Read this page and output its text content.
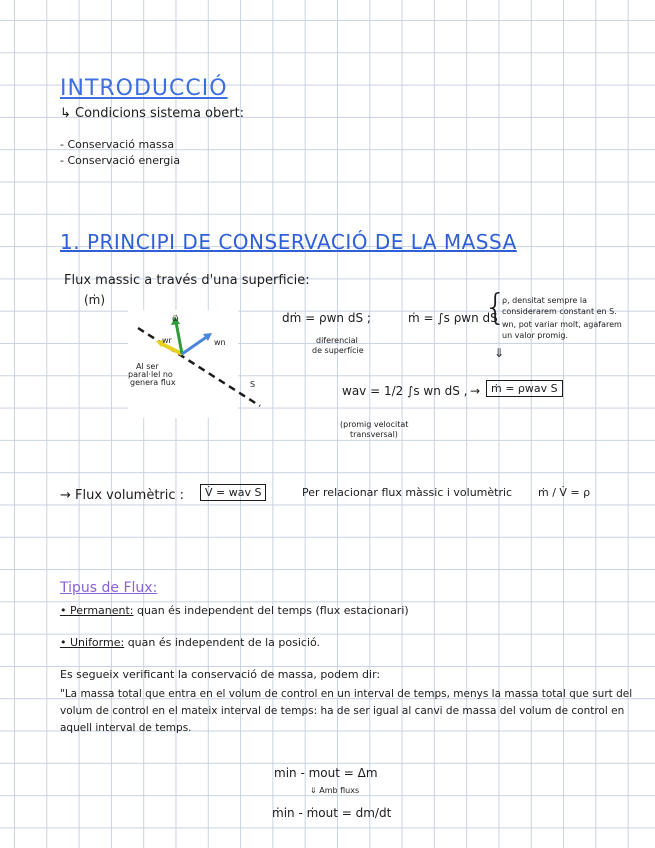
INTRODUCCIÓ
↳ Condicions sistema obert:
- Conservació massa
- Conservació energia
1. PRINCIPI DE CONSERVACIÓ DE LA MASSA
Flux massic a través d'una superficie:
(ṁ)
ω⃗
wr	wn
Al ser
paral·lel no
genera flux	S
dṁ = ρwn dS ;
diferencial
de superfície
ṁ = ∫s ρwn dS
{
ρ, densitat sempre la
considerarem constant en S.
wn, pot variar molt, agafarem
un valor promig.
⇓
wav = 1/2 ∫s wn dS , → ṁ = ρwav S
(promig velocitat
transversal)
→ Flux volumètric :	V̇ = wav S	Per relacionar flux màssic i volumètric ṁ / V̇ = ρ
Tipus de Flux:
• Permanent: quan és independent del temps (flux estacionari)
• Uniforme: quan és independent de la posició.
Es segueix verificant la conservació de massa, podem dir:
"La massa total que entra en el volum de control en un interval de temps, menys la massa total que surt del volum de control en el mateix interval de temps: ha de ser igual al canvi de massa del volum de control en aquell interval de temps.
min - mout = Δm
⇓ Amb fluxs
ṁin - ṁout = dm/dt
